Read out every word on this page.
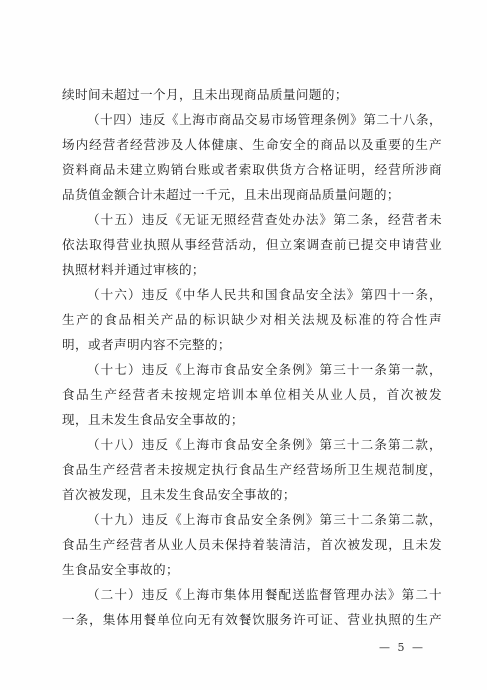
续时间未超过一个月，且未出现商品质量问题的；
（十四）违反《上海市商品交易市场管理条例》第二十八条，
场内经营者经营涉及人体健康、生命安全的商品以及重要的生产
资料商品未建立购销台账或者索取供货方合格证明，经营所涉商
品货值金额合计未超过一千元，且未出现商品质量问题的；
（十五）违反《无证无照经营查处办法》第二条，经营者未
依法取得营业执照从事经营活动，但立案调查前已提交申请营业
执照材料并通过审核的；
（十六）违反《中华人民共和国食品安全法》第四十一条，
生产的食品相关产品的标识缺少对相关法规及标准的符合性声
明，或者声明内容不完整的；
（十七）违反《上海市食品安全条例》第三十一条第一款，
食品生产经营者未按规定培训本单位相关从业人员，首次被发
现，且未发生食品安全事故的；
（十八）违反《上海市食品安全条例》第三十二条第二款，
食品生产经营者未按规定执行食品生产经营场所卫生规范制度，
首次被发现，且未发生食品安全事故的；
（十九）违反《上海市食品安全条例》第三十二条第二款，
食品生产经营者从业人员未保持着装清洁，首次被发现，且未发
生食品安全事故的；
（二十）违反《上海市集体用餐配送监督管理办法》第二十
一条，集体用餐单位向无有效餐饮服务许可证、营业执照的生产
— 5 —
